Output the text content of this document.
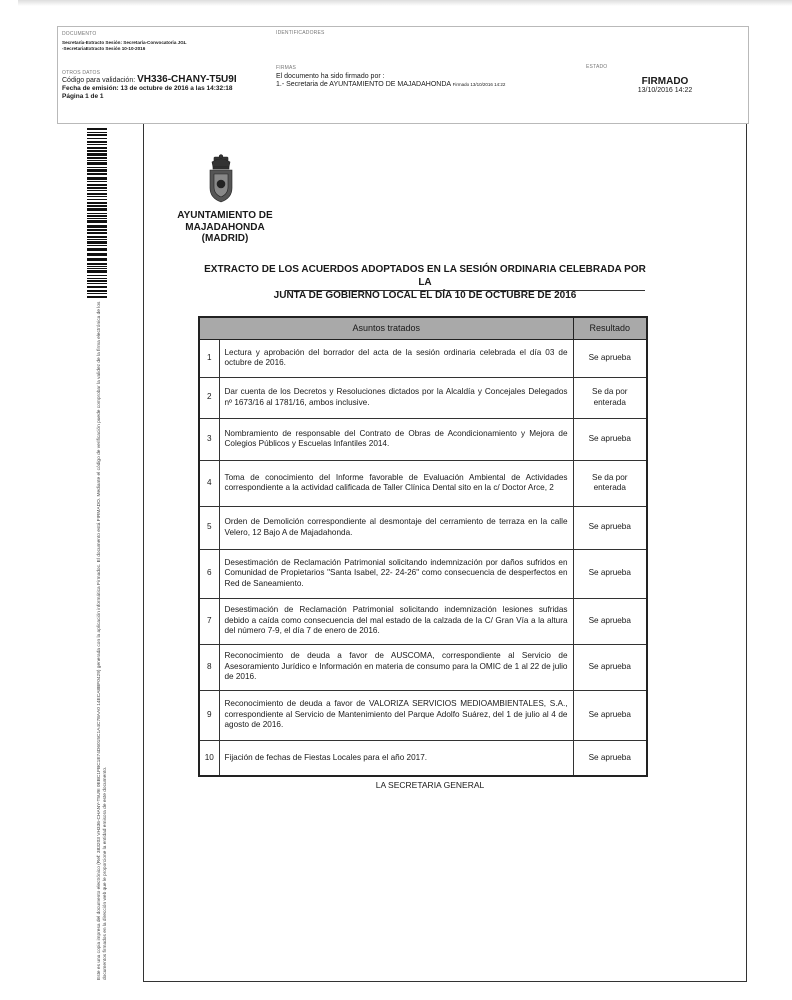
DOCUMENTO
Secretaría-Extracto Sesión: Secretaría-Convocatoria JGL
-SecretariaExtracto Sesión 10-10-2016
IDENTIFICADORES
OTROS DATOS
Código para validación: VH336-CHANY-T5U9I
Fecha de emisión: 13 de octubre de 2016 a las 14:32:18
Página 1 de 1
FIRMAS
El documento ha sido firmado por :
1.- Secretaria de AYUNTAMIENTO DE MAJADAHONDA Firmado 13/10/2016 14:22
ESTADO
FIRMADO
13/10/2016 14:22
Este es una copia impresa del documento electrónico (Ref: 383203 VH336-CHANY-T5U9I 0EBC1FBC1E74D6015C1A4C78AA0 14ECA8BF0429) generada con la aplicación informática Firmadoc. El documento está FIRMADO. Mediante el código de verificación puede comprobar la validez de la firma electrónica de los documentos firmados en la dirección web que le proporcione la entidad emisora de este documento.
AYUNTAMIENTO DE
MAJADAHONDA
(MADRID)
EXTRACTO DE LOS ACUERDOS ADOPTADOS EN LA SESIÓN ORDINARIA CELEBRADA POR LA
JUNTA DE GOBIERNO LOCAL EL DÍA 10 DE OCTUBRE DE 2016
Asuntos tratados		Resultado
1	Lectura y aprobación del borrador del acta de la sesión ordinaria celebrada el día 03 de octubre de 2016.	Se aprueba
2	Dar cuenta de los Decretos y Resoluciones dictados por la Alcaldía y Concejales Delegados nº 1673/16 al 1781/16, ambos inclusive.	Se da por enterada
3	Nombramiento de responsable del Contrato de Obras de Acondicionamiento y Mejora de Colegios Públicos y Escuelas Infantiles 2014.	Se aprueba
4	Toma de conocimiento del Informe favorable de Evaluación Ambiental de Actividades correspondiente a la actividad calificada de Taller Clínica Dental sito en la c/ Doctor Arce, 2	Se da por enterada
5	Orden de Demolición correspondiente al desmontaje del cerramiento de terraza en la calle Velero, 12 Bajo A de Majadahonda.	Se aprueba
6	Desestimación de Reclamación Patrimonial solicitando indemnización por daños sufridos en Comunidad de Propietarios "Santa Isabel, 22- 24-26" como consecuencia de desperfectos en Red de Saneamiento.	Se aprueba
7	Desestimación de Reclamación Patrimonial solicitando indemnización lesiones sufridas debido a caída como consecuencia del mal estado de la calzada de la C/ Gran Vía a la altura del número 7-9, el día 7 de enero de 2016.	Se aprueba
8	Reconocimiento de deuda a favor de AUSCOMA, correspondiente al Servicio de Asesoramiento Jurídico e Información en materia de consumo para la OMIC de 1 al 22 de julio de 2016.	Se aprueba
9	Reconocimiento de deuda a favor de VALORIZA SERVICIOS MEDIOAMBIENTALES, S.A., correspondiente al Servicio de Mantenimiento del Parque Adolfo Suárez, del 1 de julio al 4 de agosto de 2016.	Se aprueba
10	Fijación de fechas de Fiestas Locales para el año 2017.	Se aprueba
LA SECRETARIA GENERAL
